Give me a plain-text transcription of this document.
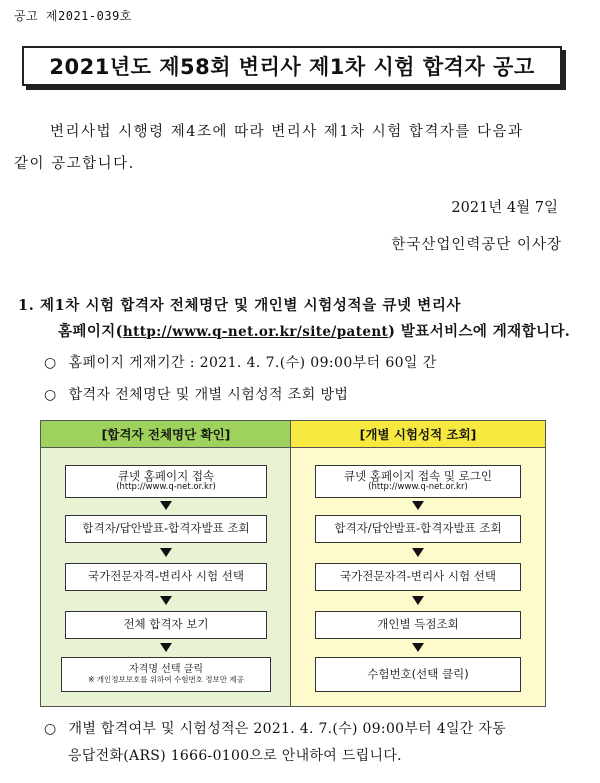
공고 제2021-039호
2021년도 제58회 변리사 제1차 시험 합격자 공고
변리사법 시행령 제4조에 따라 변리사 제1차 시험 합격자를 다음과
같이 공고합니다.
2021년 4월 7일
한국산업인력공단 이사장
1. 제1차 시험 합격자 전체명단 및 개인별 시험성적을 큐넷 변리사
홈페이지(http://www.q-net.or.kr/site/patent) 발표서비스에 게재합니다.
○ 홈페이지 게재기간 : 2021. 4. 7.(수) 09:00부터 60일 간
○ 합격자 전체명단 및 개별 시험성적 조회 방법
[합격자 전체명단 확인]
큐넷 홈페이지 접속
(http://www.q-net.or.kr)
합격자/답안발표-합격자발표 조회
국가전문자격-변리사 시험 선택
전체 합격자 보기
자격명 선택 클릭
※ 개인정보보호를 위하여 수험번호 정보만 제공
[개별 시험성적 조회]
큐넷 홈페이지 접속 및 로그인
(http://www.q-net.or.kr)
합격자/답안발표-합격자발표 조회
국가전문자격-변리사 시험 선택
개인별 득점조회
수험번호(선택 클릭)
○ 개별 합격여부 및 시험성적은 2021. 4. 7.(수) 09:00부터 4일간 자동
응답전화(ARS) 1666-0100으로 안내하여 드립니다.
